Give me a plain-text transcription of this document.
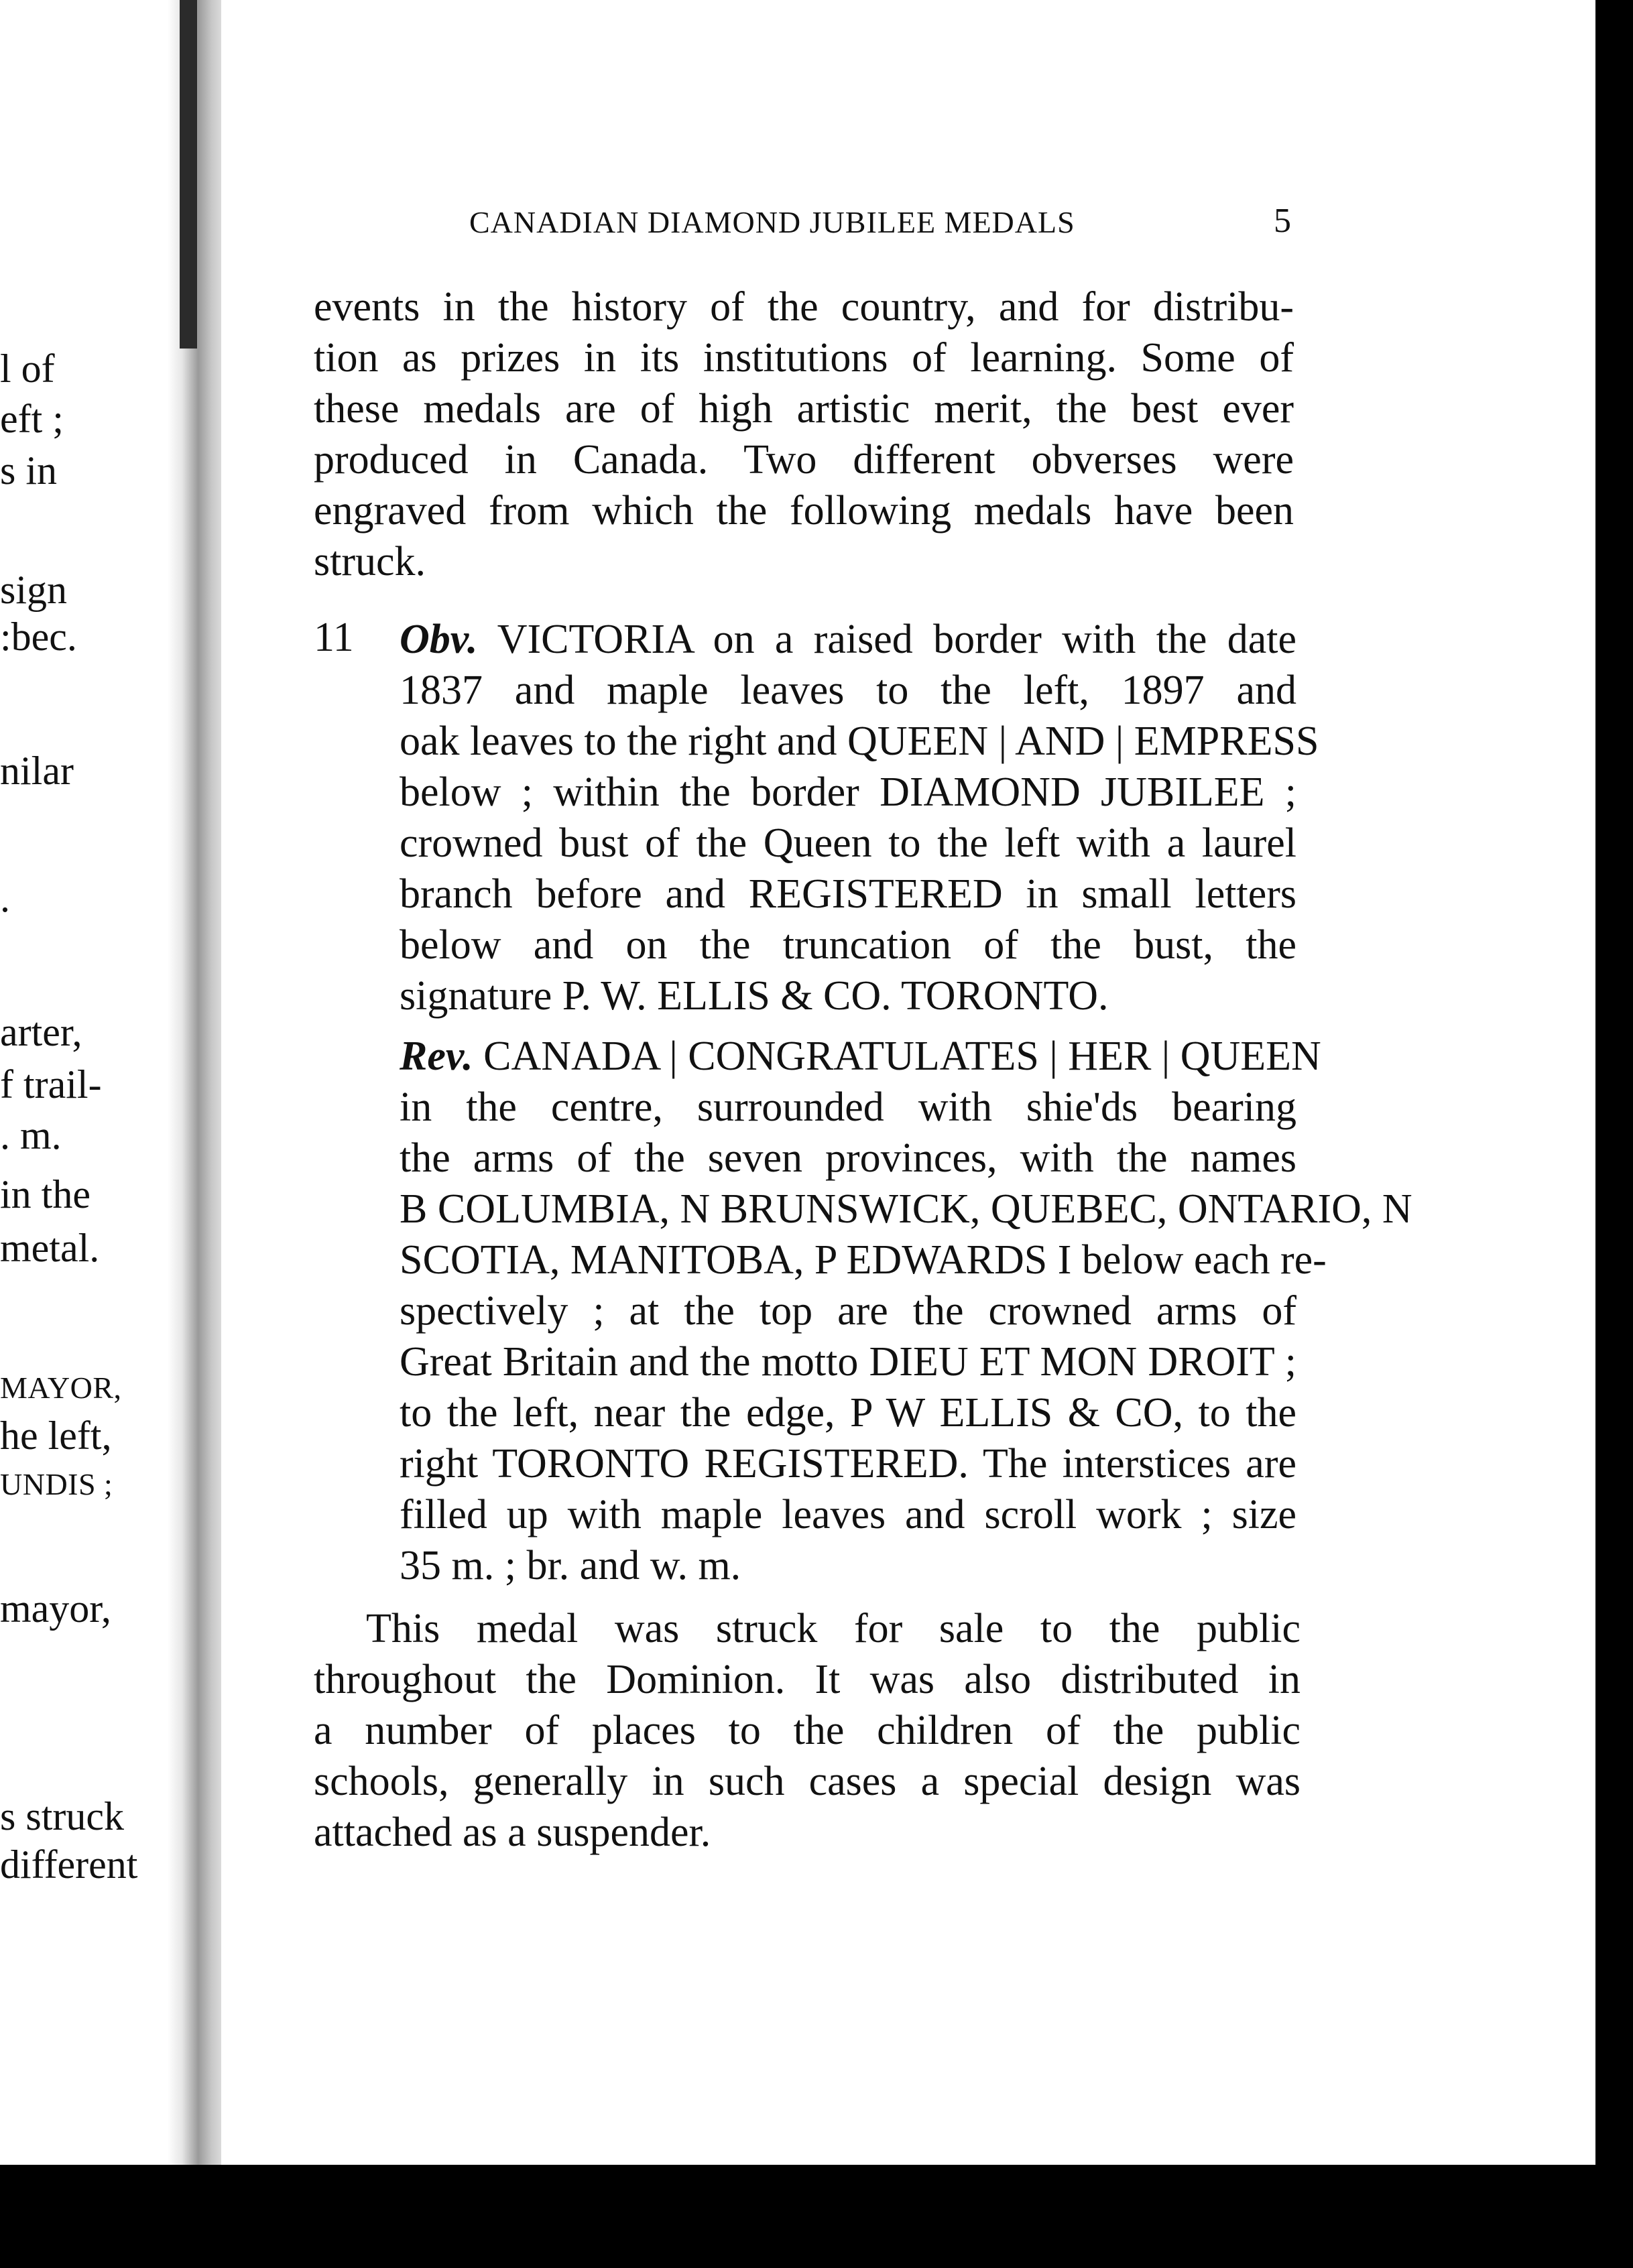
l of
eft ;
s in
sign
:bec.
nilar
.
arter,
f trail-
. m.
in the
metal.
MAYOR,
he left,
UNDIS ;
mayor,
s struck
different
CANADIAN DIAMOND JUBILEE MEDALS	5
events in the history of the country, and for distribu-
tion as prizes in its institutions of learning. Some of
these medals are of high artistic merit, the best ever
produced in Canada. Two different obverses were
engraved from which the following medals have been
struck.
11 Obv. VICTORIA on a raised border with the date
1837 and maple leaves to the left, 1897 and
oak leaves to the right and QUEEN | AND | EMPRESS
below ; within the border DIAMOND JUBILEE ;
crowned bust of the Queen to the left with a laurel
branch before and REGISTERED in small letters
below and on the truncation of the bust, the
signature P. W. ELLIS & CO. TORONTO.
Rev. CANADA | CONGRATULATES | HER | QUEEN
in the centre, surrounded with shie'ds bearing
the arms of the seven provinces, with the names
B COLUMBIA, N BRUNSWICK, QUEBEC, ONTARIO, N
SCOTIA, MANITOBA, P EDWARDS I below each re-
spectively ; at the top are the crowned arms of
Great Britain and the motto DIEU ET MON DROIT ;
to the left, near the edge, P W ELLIS & CO, to the
right TORONTO REGISTERED. The interstices are
filled up with maple leaves and scroll work ; size
35 m. ; br. and w. m.
This medal was struck for sale to the public
throughout the Dominion. It was also distributed in
a number of places to the children of the public
schools, generally in such cases a special design was
attached as a suspender.
